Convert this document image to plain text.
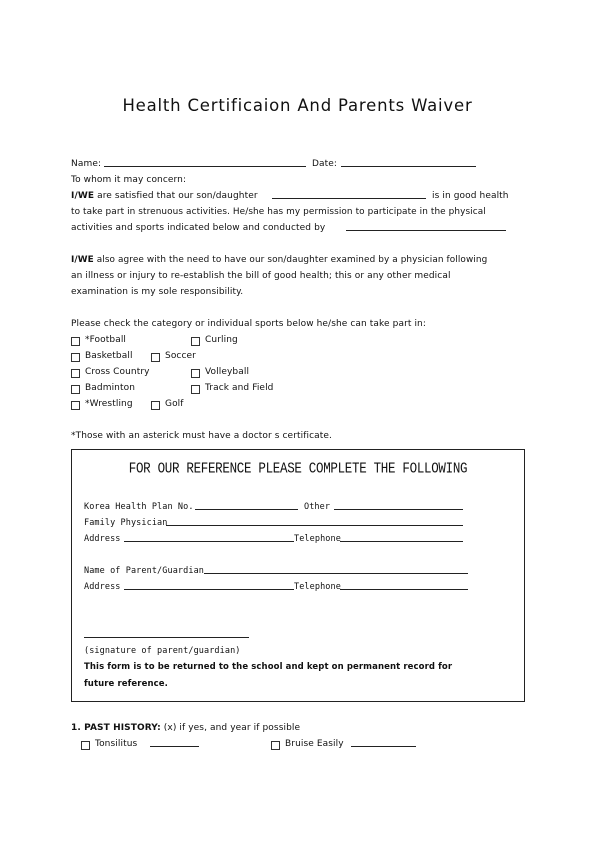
Health Certificaion And Parents Waiver
Name:	Date:
To whom it may concern:
I/WE are satisfied that our son/daughter	is in good health
to take part in strenuous activities. He/she has my permission to participate in the physical
activities and sports indicated below and conducted by
I/WE also agree with the need to have our son/daughter examined by a physician following
an illness or injury to re-establish the bill of good health; this or any other medical
examination is my sole responsibility.
Please check the category or individual sports below he/she can take part in:
*Football	Curling
Basketball	Soccer
Cross Country	Volleyball
Badminton	Track and Field
*Wrestling	Golf
*Those with an asterick must have a doctor s certificate.
FOR OUR REFERENCE PLEASE COMPLETE THE FOLLOWING
Korea Health Plan No.	Other
Family Physician
Address	Telephone
Name of Parent/Guardian
Address	Telephone
(signature of parent/guardian)
This form is to be returned to the school and kept on permanent record for
future reference.
1. PAST HISTORY: (x) if yes, and year if possible
Tonsilitus	Bruise Easily
